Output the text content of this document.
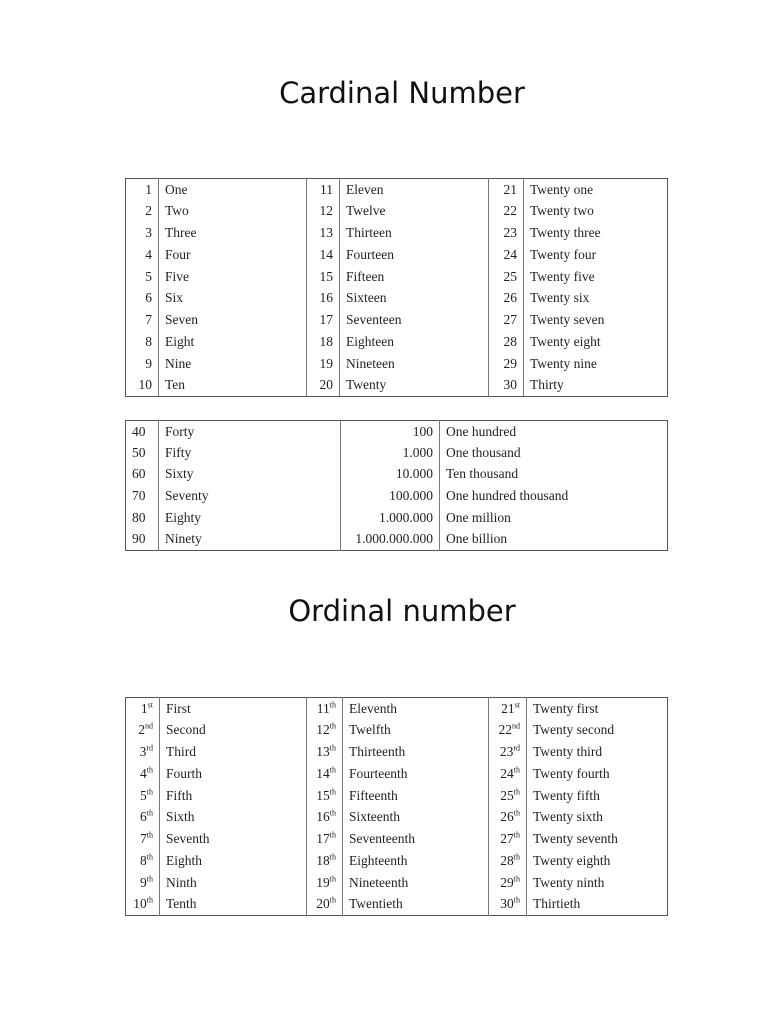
Cardinal Number
1	One	11	Eleven	21	Twenty one
2	Two	12	Twelve	22	Twenty two
3	Three	13	Thirteen	23	Twenty three
4	Four	14	Fourteen	24	Twenty four
5	Five	15	Fifteen	25	Twenty five
6	Six	16	Sixteen	26	Twenty six
7	Seven	17	Seventeen	27	Twenty seven
8	Eight	18	Eighteen	28	Twenty eight
9	Nine	19	Nineteen	29	Twenty nine
10	Ten	20	Twenty	30	Thirty
40	Forty	100	One hundred
50	Fifty	1.000	One thousand
60	Sixty	10.000	Ten thousand
70	Seventy	100.000	One hundred thousand
80	Eighty	1.000.000	One million
90	Ninety	1.000.000.000	One billion
Ordinal number
1st	First	11th	Eleventh	21st	Twenty first
2nd	Second	12th	Twelfth	22nd	Twenty second
3rd	Third	13th	Thirteenth	23rd	Twenty third
4th	Fourth	14th	Fourteenth	24th	Twenty fourth
5th	Fifth	15th	Fifteenth	25th	Twenty fifth
6th	Sixth	16th	Sixteenth	26th	Twenty sixth
7th	Seventh	17th	Seventeenth	27th	Twenty seventh
8th	Eighth	18th	Eighteenth	28th	Twenty eighth
9th	Ninth	19th	Nineteenth	29th	Twenty ninth
10th	Tenth	20th	Twentieth	30th	Thirtieth
